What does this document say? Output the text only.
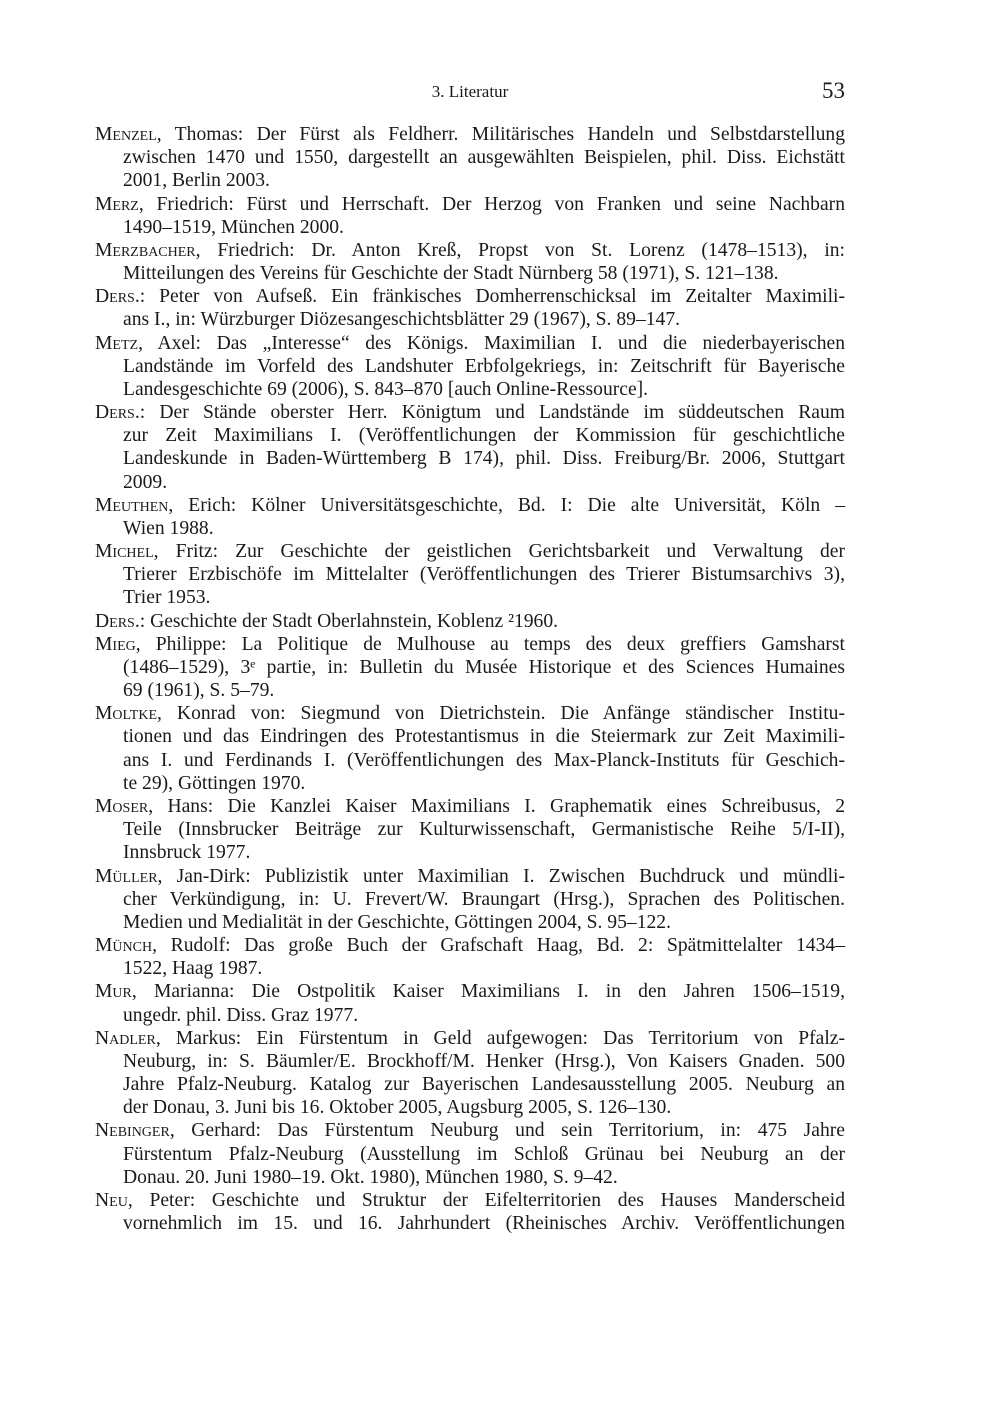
3. Literatur	53
Menzel, Thomas: Der Fürst als Feldherr. Militärisches Handeln und Selbstdarstellung
zwischen 1470 und 1550, dargestellt an ausgewählten Beispielen, phil. Diss. Eichstätt
2001, Berlin 2003.
Merz, Friedrich: Fürst und Herrschaft. Der Herzog von Franken und seine Nachbarn
1490–1519, München 2000.
Merzbacher, Friedrich: Dr. Anton Kreß, Propst von St. Lorenz (1478–1513), in:
Mitteilungen des Vereins für Geschichte der Stadt Nürnberg 58 (1971), S. 121–138.
Ders.: Peter von Aufseß. Ein fränkisches Domherrenschicksal im Zeitalter Maximili-
ans I., in: Würzburger Diözesangeschichtsblätter 29 (1967), S. 89–147.
Metz, Axel: Das „Interesse“ des Königs. Maximilian I. und die niederbayerischen
Landstände im Vorfeld des Landshuter Erbfolgekriegs, in: Zeitschrift für Bayerische
Landesgeschichte 69 (2006), S. 843–870 [auch Online-Ressource].
Ders.: Der Stände oberster Herr. Königtum und Landstände im süddeutschen Raum
zur Zeit Maximilians I. (Veröffentlichungen der Kommission für geschichtliche
Landeskunde in Baden-Württemberg B 174), phil. Diss. Freiburg/Br. 2006, Stuttgart
2009.
Meuthen, Erich: Kölner Universitätsgeschichte, Bd. I: Die alte Universität, Köln –
Wien 1988.
Michel, Fritz: Zur Geschichte der geistlichen Gerichtsbarkeit und Verwaltung der
Trierer Erzbischöfe im Mittelalter (Veröffentlichungen des Trierer Bistumsarchivs 3),
Trier 1953.
Ders.: Geschichte der Stadt Oberlahnstein, Koblenz ²1960.
Mieg, Philippe: La Politique de Mulhouse au temps des deux greffiers Gamsharst
(1486–1529), 3ᵉ partie, in: Bulletin du Musée Historique et des Sciences Humaines
69 (1961), S. 5–79.
Moltke, Konrad von: Siegmund von Dietrichstein. Die Anfänge ständischer Institu-
tionen und das Eindringen des Protestantismus in die Steiermark zur Zeit Maximili-
ans I. und Ferdinands I. (Veröffentlichungen des Max-Planck-Instituts für Geschich-
te 29), Göttingen 1970.
Moser, Hans: Die Kanzlei Kaiser Maximilians I. Graphematik eines Schreibusus, 2
Teile (Innsbrucker Beiträge zur Kulturwissenschaft, Germanistische Reihe 5/I-II),
Innsbruck 1977.
Müller, Jan-Dirk: Publizistik unter Maximilian I. Zwischen Buchdruck und mündli-
cher Verkündigung, in: U. Frevert/W. Braungart (Hrsg.), Sprachen des Politischen.
Medien und Medialität in der Geschichte, Göttingen 2004, S. 95–122.
Münch, Rudolf: Das große Buch der Grafschaft Haag, Bd. 2: Spätmittelalter 1434–
1522, Haag 1987.
Mur, Marianna: Die Ostpolitik Kaiser Maximilians I. in den Jahren 1506–1519,
ungedr. phil. Diss. Graz 1977.
Nadler, Markus: Ein Fürstentum in Geld aufgewogen: Das Territorium von Pfalz-
Neuburg, in: S. Bäumler/E. Brockhoff/M. Henker (Hrsg.), Von Kaisers Gnaden. 500
Jahre Pfalz-Neuburg. Katalog zur Bayerischen Landesausstellung 2005. Neuburg an
der Donau, 3. Juni bis 16. Oktober 2005, Augsburg 2005, S. 126–130.
Nebinger, Gerhard: Das Fürstentum Neuburg und sein Territorium, in: 475 Jahre
Fürstentum Pfalz-Neuburg (Ausstellung im Schloß Grünau bei Neuburg an der
Donau. 20. Juni 1980–19. Okt. 1980), München 1980, S. 9–42.
Neu, Peter: Geschichte und Struktur der Eifelterritorien des Hauses Manderscheid
vornehmlich im 15. und 16. Jahrhundert (Rheinisches Archiv. Veröffentlichungen
